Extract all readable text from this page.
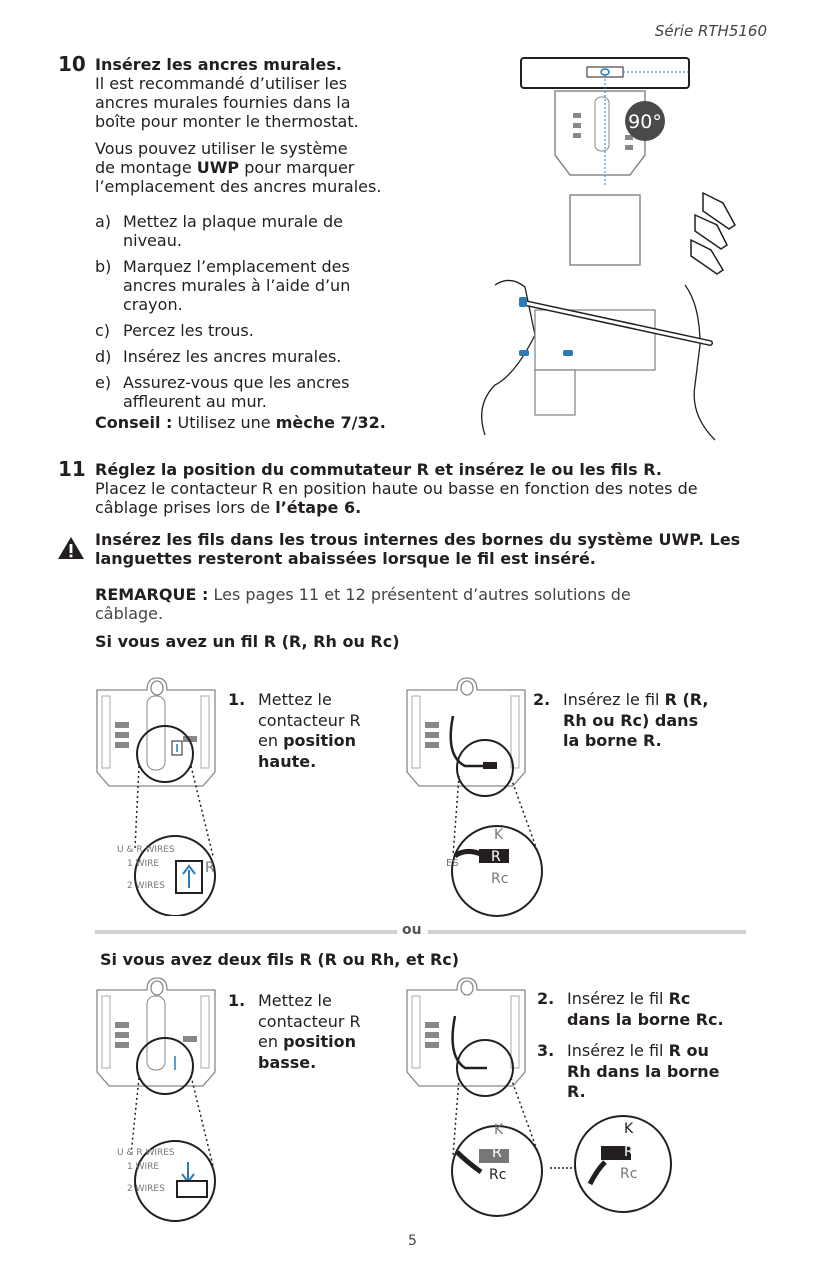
Série RTH5160
10 Insérez les ancres murales.
Il est recommandé d’utiliser les
ancres murales fournies dans la
boîte pour monter le thermostat.
Vous pouvez utiliser le système
de montage UWP pour marquer
l’emplacement des ancres murales.
a) Mettez la plaque murale de
niveau.
b) Marquez l’emplacement des
ancres murales à l’aide d’un
crayon.
c) Percez les trous.
d) Insérez les ancres murales.
e) Assurez-vous que les ancres
affleurent au mur.
Conseil : Utilisez une mèche 7/32.
90°
11 Réglez la position du commutateur R et insérez le ou les fils R.
Placez le contacteur R en position haute ou basse en fonction des notes de
câblage prises lors de l’étape 6.
Insérez les fils dans les trous internes des bornes du système UWP. Les
languettes resteront abaissées lorsque le fil est inséré.
REMARQUE : Les pages 11 et 12 présentent d’autres solutions de
câblage.
Si vous avez un fil R (R, Rh ou Rc)
U & R WIRES
1 WIRE
2 WIRES
R
1. Mettez le
contacteur R
en position
haute.
K
R
Rc
ES
2. Insérez le fil R (R,
Rh ou Rc) dans
la borne R.
ou
Si vous avez deux fils R (R ou Rh, et Rc)
U & R WIRES
1 WIRE
2 WIRES
1. Mettez le
contacteur R
en position
basse.
K
R
Rc
K
R
Rc
2. Insérez le fil Rc
dans la borne Rc.
3. Insérez le fil R ou
Rh dans la borne
R.
5
